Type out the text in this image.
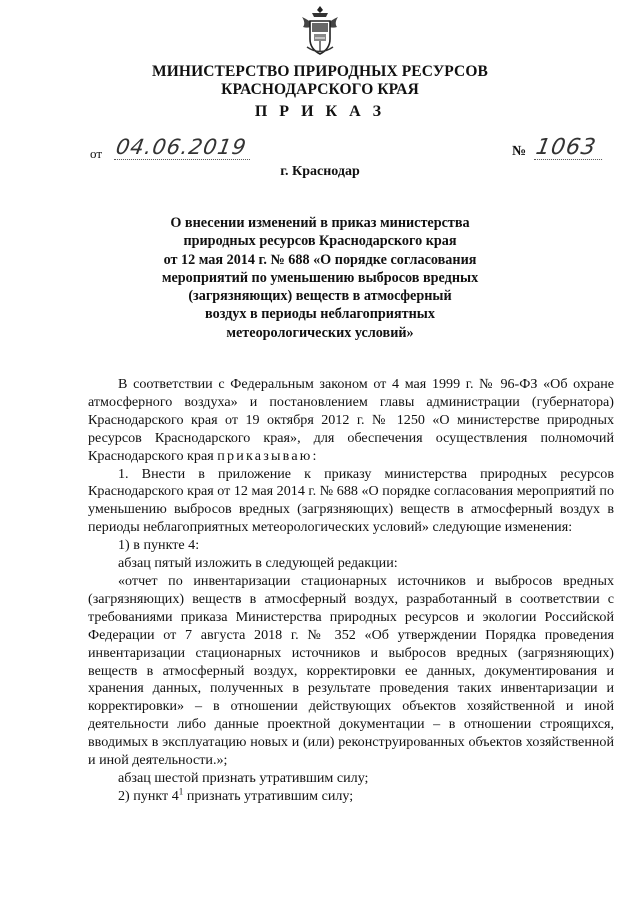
МИНИСТЕРСТВО ПРИРОДНЫХ РЕСУРСОВ
КРАСНОДАРСКОГО КРАЯ
П Р И К А З
от 04.06.2019	№ 1063
г. Краснодар
О внесении изменений в приказ министерства
природных ресурсов Краснодарского края
от 12 мая 2014 г. № 688 «О порядке согласования
мероприятий по уменьшению выбросов вредных
(загрязняющих) веществ в атмосферный
воздух в периоды неблагоприятных
метеорологических условий»

В соответствии с Федеральным законом от 4 мая 1999 г. № 96-ФЗ «Об охране атмосферного воздуха» и постановлением главы администрации (губернатора) Краснодарского края от 19 октября 2012 г. № 1250 «О министерстве природных ресурсов Краснодарского края», для обеспечения осуществления полномочий Краснодарского края приказываю:

1. Внести в приложение к приказу министерства природных ресурсов Краснодарского края от 12 мая 2014 г. № 688 «О порядке согласования мероприятий по уменьшению выбросов вредных (загрязняющих) веществ в атмосферный воздух в периоды неблагоприятных метеорологических условий» следующие изменения:

1) в пункте 4:

абзац пятый изложить в следующей редакции:

«отчет по инвентаризации стационарных источников и выбросов вредных (загрязняющих) веществ в атмосферный воздух, разработанный в соответствии с требованиями приказа Министерства природных ресурсов и экологии Российской Федерации от 7 августа 2018 г. № 352 «Об утверждении Порядка проведения инвентаризации стационарных источников и выбросов вредных (загрязняющих) веществ в атмосферный воздух, корректировки ее данных, документирования и хранения данных, полученных в результате проведения таких инвентаризации и корректировки» – в отношении действующих объектов хозяйственной и иной деятельности либо данные проектной документации – в отношении строящихся, вводимых в эксплуатацию новых и (или) реконструированных объектов хозяйственной и иной деятельности.»;

абзац шестой признать утратившим силу;

2) пункт $4^1$ признать утратившим силу;
